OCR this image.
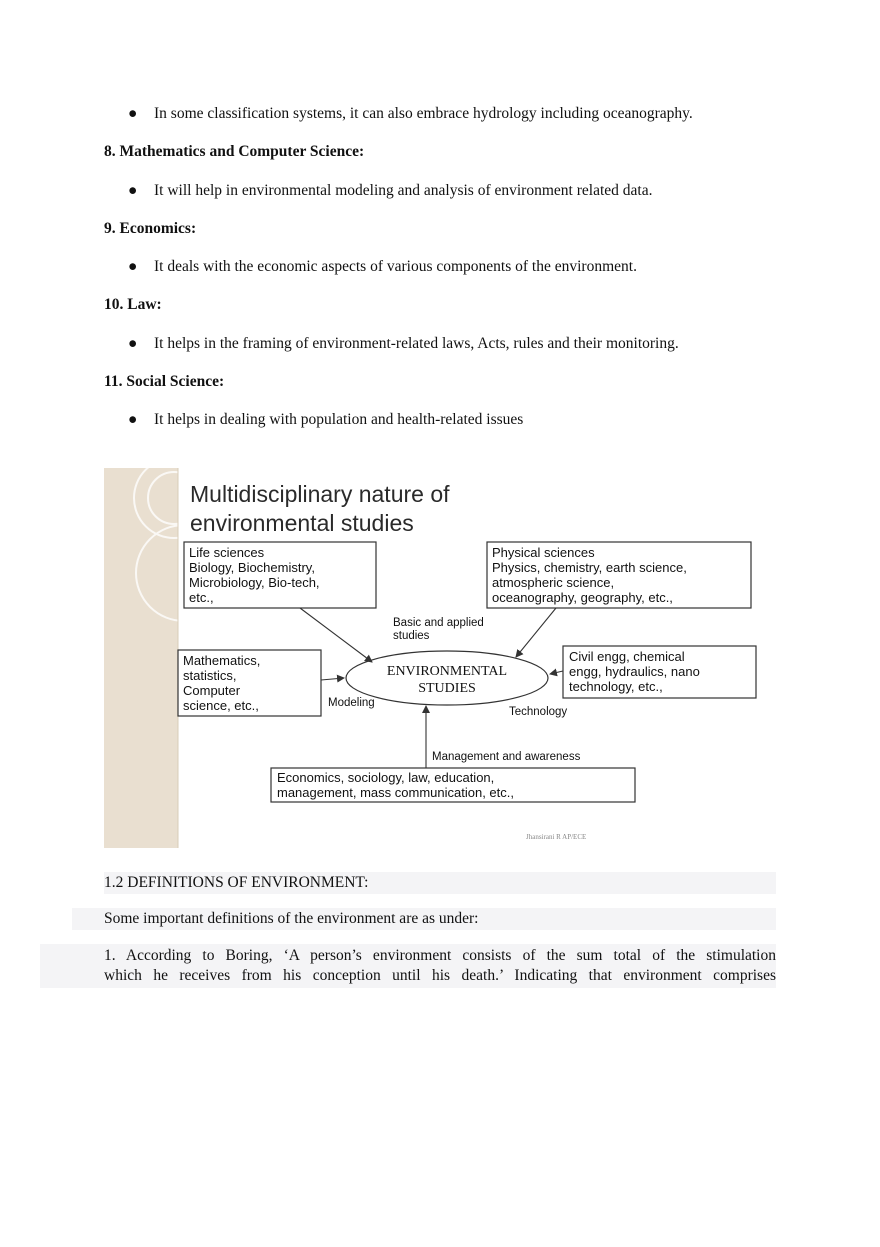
● In some classification systems, it can also embrace hydrology including oceanography.
8. Mathematics and Computer Science:
● It will help in environmental modeling and analysis of environment related data.
9. Economics:
● It deals with the economic aspects of various components of the environment.
10. Law:
● It helps in the framing of environment-related laws, Acts, rules and their monitoring.
11. Social Science:
● It helps in dealing with population and health-related issues
Multidisciplinary nature of
environmental studies
Life sciences Biology, Biochemistry, Microbiology, Bio-tech, etc.,
Physical sciences Physics, chemistry, earth science, atmospheric science, oceanography, geography, etc.,
Basic and applied studies
Mathematics, statistics, Computer science, etc.,
Civil engg, chemical engg, hydraulics, nano technology, etc.,
ENVIRONMENTAL
STUDIES
Modeling
Technology
Management and awareness
Economics, sociology, law, education, management, mass communication, etc.,
Jhansirani R AP/ECE
1.2 DEFINITIONS OF ENVIRONMENT:
Some important definitions of the environment are as under:
1. According to Boring, ‘A person’s environment consists of the sum total of the stimulation
which he receives from his conception until his death.’ Indicating that environment comprises
